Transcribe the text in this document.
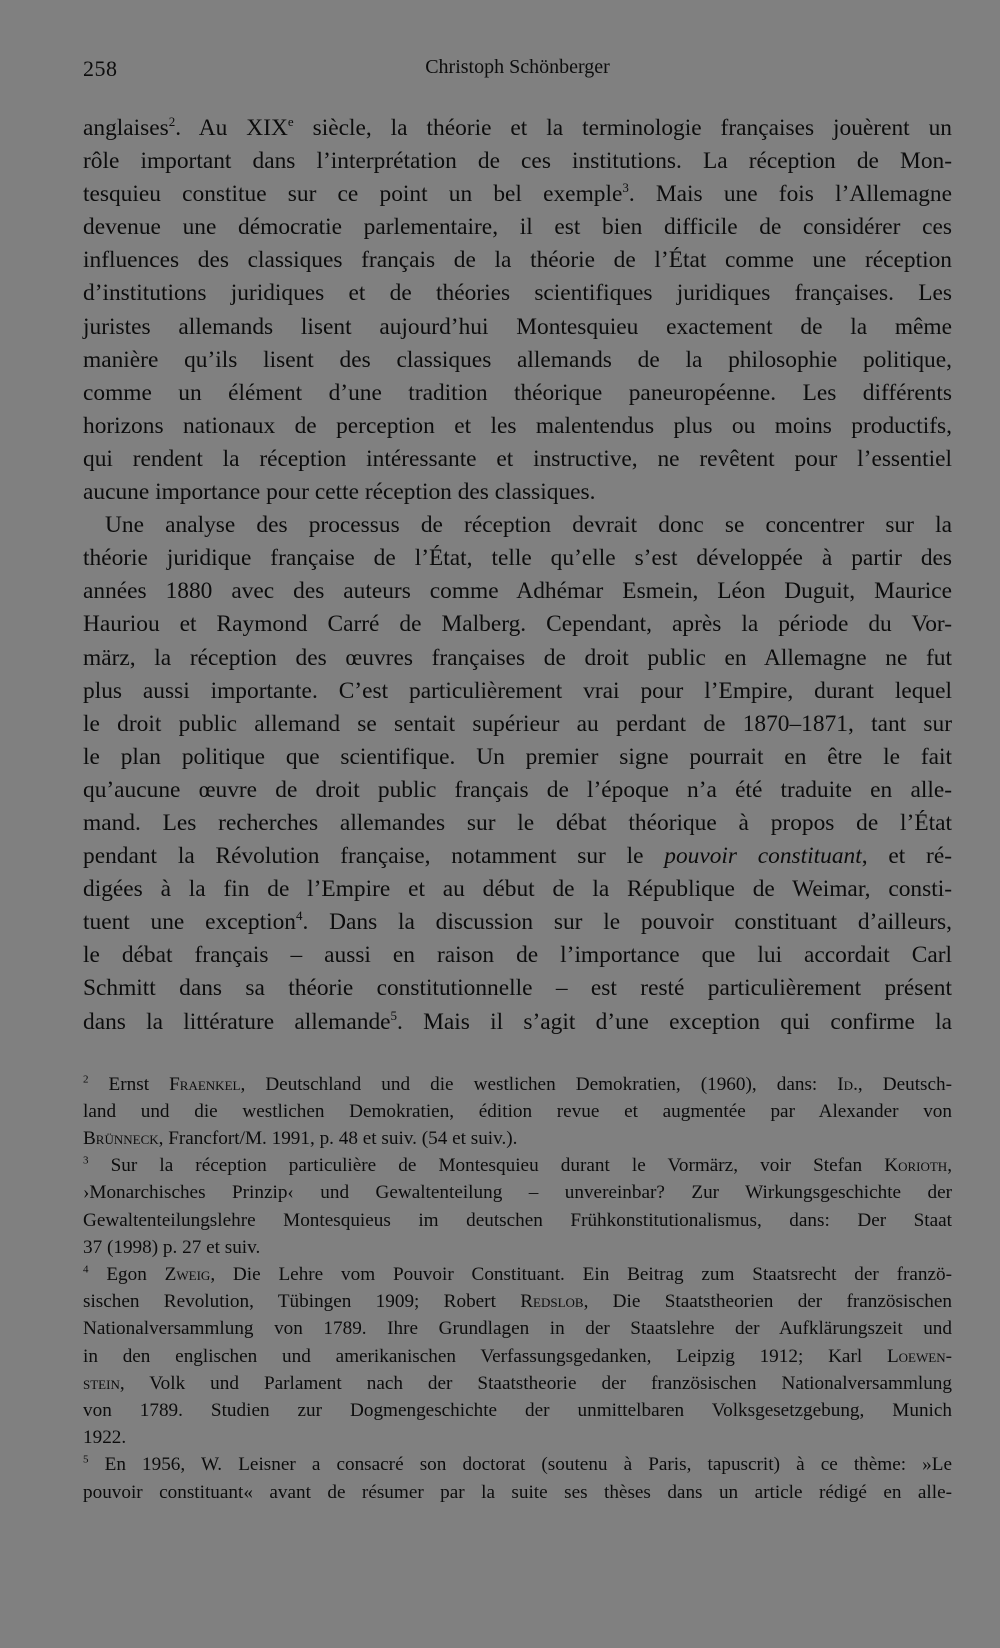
258	Christoph Schönberger
anglaises$^2$. Au XIXe siècle, la théorie et la terminologie françaises jouèrent un
rôle important dans l’interprétation de ces institutions. La réception de Mon-
tesquieu constitue sur ce point un bel exemple$^3$. Mais une fois l’Allemagne
devenue une démocratie parlementaire, il est bien difficile de considérer ces
influences des classiques français de la théorie de l’État comme une réception
d’institutions juridiques et de théories scientifiques juridiques françaises. Les
juristes allemands lisent aujourd’hui Montesquieu exactement de la même
manière qu’ils lisent des classiques allemands de la philosophie politique,
comme un élément d’une tradition théorique paneuropéenne. Les différents
horizons nationaux de perception et les malentendus plus ou moins productifs,
qui rendent la réception intéressante et instructive, ne revêtent pour l’essentiel
aucune importance pour cette réception des classiques.
Une analyse des processus de réception devrait donc se concentrer sur la
théorie juridique française de l’État, telle qu’elle s’est développée à partir des
années 1880 avec des auteurs comme Adhémar Esmein, Léon Duguit, Maurice
Hauriou et Raymond Carré de Malberg. Cependant, après la période du Vor-
märz, la réception des œuvres françaises de droit public en Allemagne ne fut
plus aussi importante. C’est particulièrement vrai pour l’Empire, durant lequel
le droit public allemand se sentait supérieur au perdant de 1870–1871, tant sur
le plan politique que scientifique. Un premier signe pourrait en être le fait
qu’aucune œuvre de droit public français de l’époque n’a été traduite en alle-
mand. Les recherches allemandes sur le débat théorique à propos de l’État
pendant la Révolution française, notamment sur le pouvoir constituant, et ré-
digées à la fin de l’Empire et au début de la République de Weimar, consti-
tuent une exception$^4$. Dans la discussion sur le pouvoir constituant d’ailleurs,
le débat français – aussi en raison de l’importance que lui accordait Carl
Schmitt dans sa théorie constitutionnelle – est resté particulièrement présent
dans la littérature allemande$^5$. Mais il s’agit d’une exception qui confirme la
$^2$ Ernst Fraenkel, Deutschland und die westlichen Demokratien, (1960), dans: Id., Deutsch-
land und die westlichen Demokratien, édition revue et augmentée par Alexander von
Brünneck, Francfort/M. 1991, p. 48 et suiv. (54 et suiv.).
$^3$ Sur la réception particulière de Montesquieu durant le Vormärz, voir Stefan Korioth,
›Monarchisches Prinzip‹ und Gewaltenteilung – unvereinbar? Zur Wirkungsgeschichte der
Gewaltenteilungslehre Montesquieus im deutschen Frühkonstitutionalismus, dans: Der Staat
37 (1998) p. 27 et suiv.
$^4$ Egon Zweig, Die Lehre vom Pouvoir Constituant. Ein Beitrag zum Staatsrecht der franzö-
sischen Revolution, Tübingen 1909; Robert Redslob, Die Staatstheorien der französischen
Nationalversammlung von 1789. Ihre Grundlagen in der Staatslehre der Aufklärungszeit und
in den englischen und amerikanischen Verfassungsgedanken, Leipzig 1912; Karl Loewen-
stein, Volk und Parlament nach der Staatstheorie der französischen Nationalversammlung
von 1789. Studien zur Dogmengeschichte der unmittelbaren Volksgesetzgebung, Munich
1922.
$^5$ En 1956, W. Leisner a consacré son doctorat (soutenu à Paris, tapuscrit) à ce thème: »Le
pouvoir constituant« avant de résumer par la suite ses thèses dans un article rédigé en alle-
